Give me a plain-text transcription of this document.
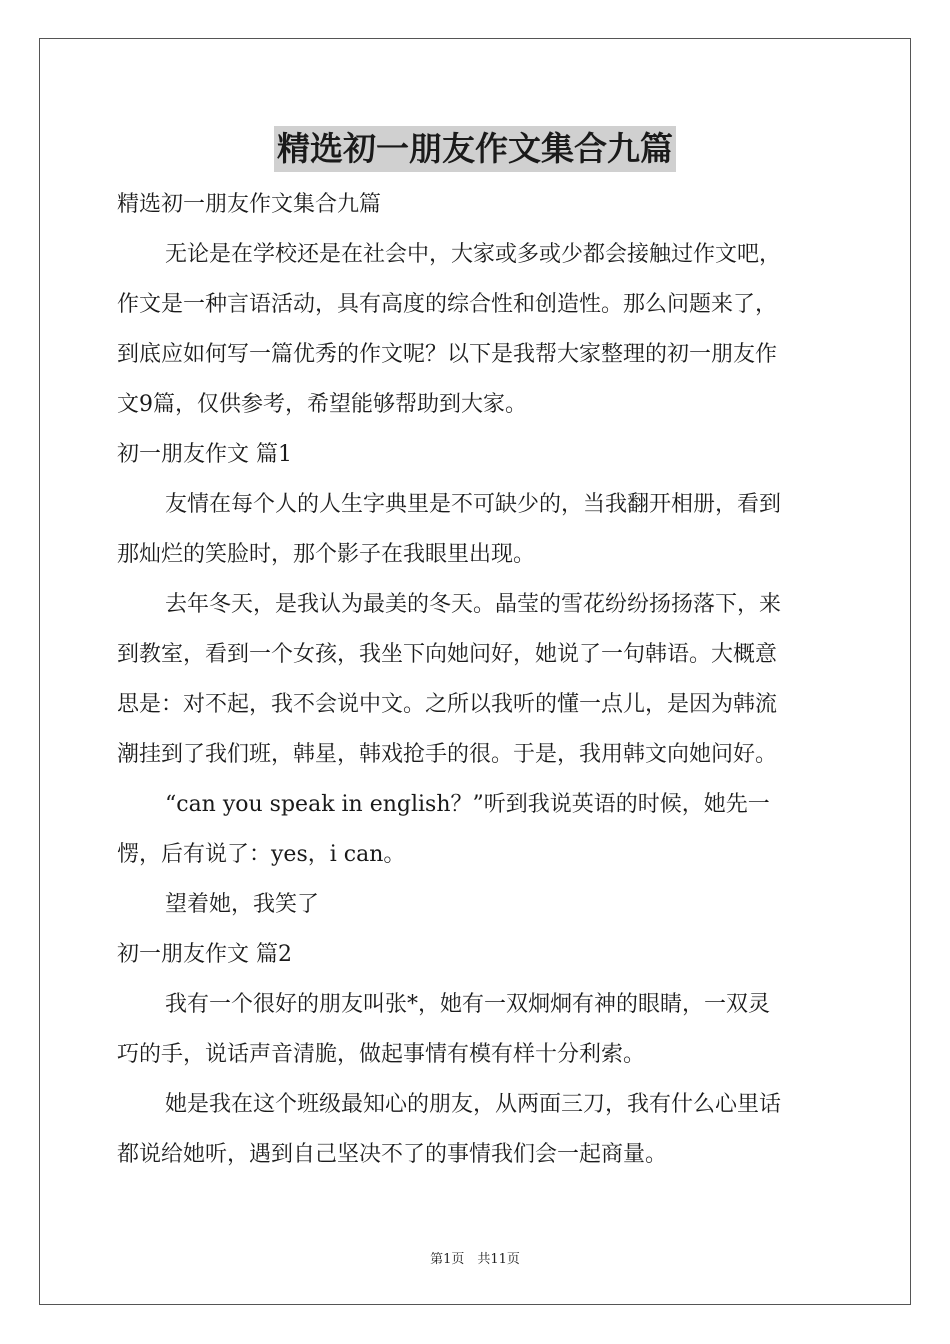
精选初一朋友作文集合九篇
精选初一朋友作文集合九篇
无论是在学校还是在社会中，大家或多或少都会接触过作文吧，
作文是一种言语活动，具有高度的综合性和创造性。那么问题来了，
到底应如何写一篇优秀的作文呢？以下是我帮大家整理的初一朋友作
文9篇，仅供参考，希望能够帮助到大家。
初一朋友作文 篇1
友情在每个人的人生字典里是不可缺少的，当我翻开相册，看到
那灿烂的笑脸时，那个影子在我眼里出现。
去年冬天，是我认为最美的冬天。晶莹的雪花纷纷扬扬落下，来
到教室，看到一个女孩，我坐下向她问好，她说了一句韩语。大概意
思是：对不起，我不会说中文。之所以我听的懂一点儿，是因为韩流
潮挂到了我们班，韩星，韩戏抢手的很。于是，我用韩文向她问好。
“can you speak in english？”听到我说英语的时候，她先一
愣，后有说了：yes，i can。
望着她，我笑了
初一朋友作文 篇2
我有一个很好的朋友叫张*，她有一双炯炯有神的眼睛，一双灵
巧的手，说话声音清脆，做起事情有模有样十分利索。
她是我在这个班级最知心的朋友，从两面三刀，我有什么心里话
都说给她听，遇到自己坚决不了的事情我们会一起商量。
第1页　共11页
